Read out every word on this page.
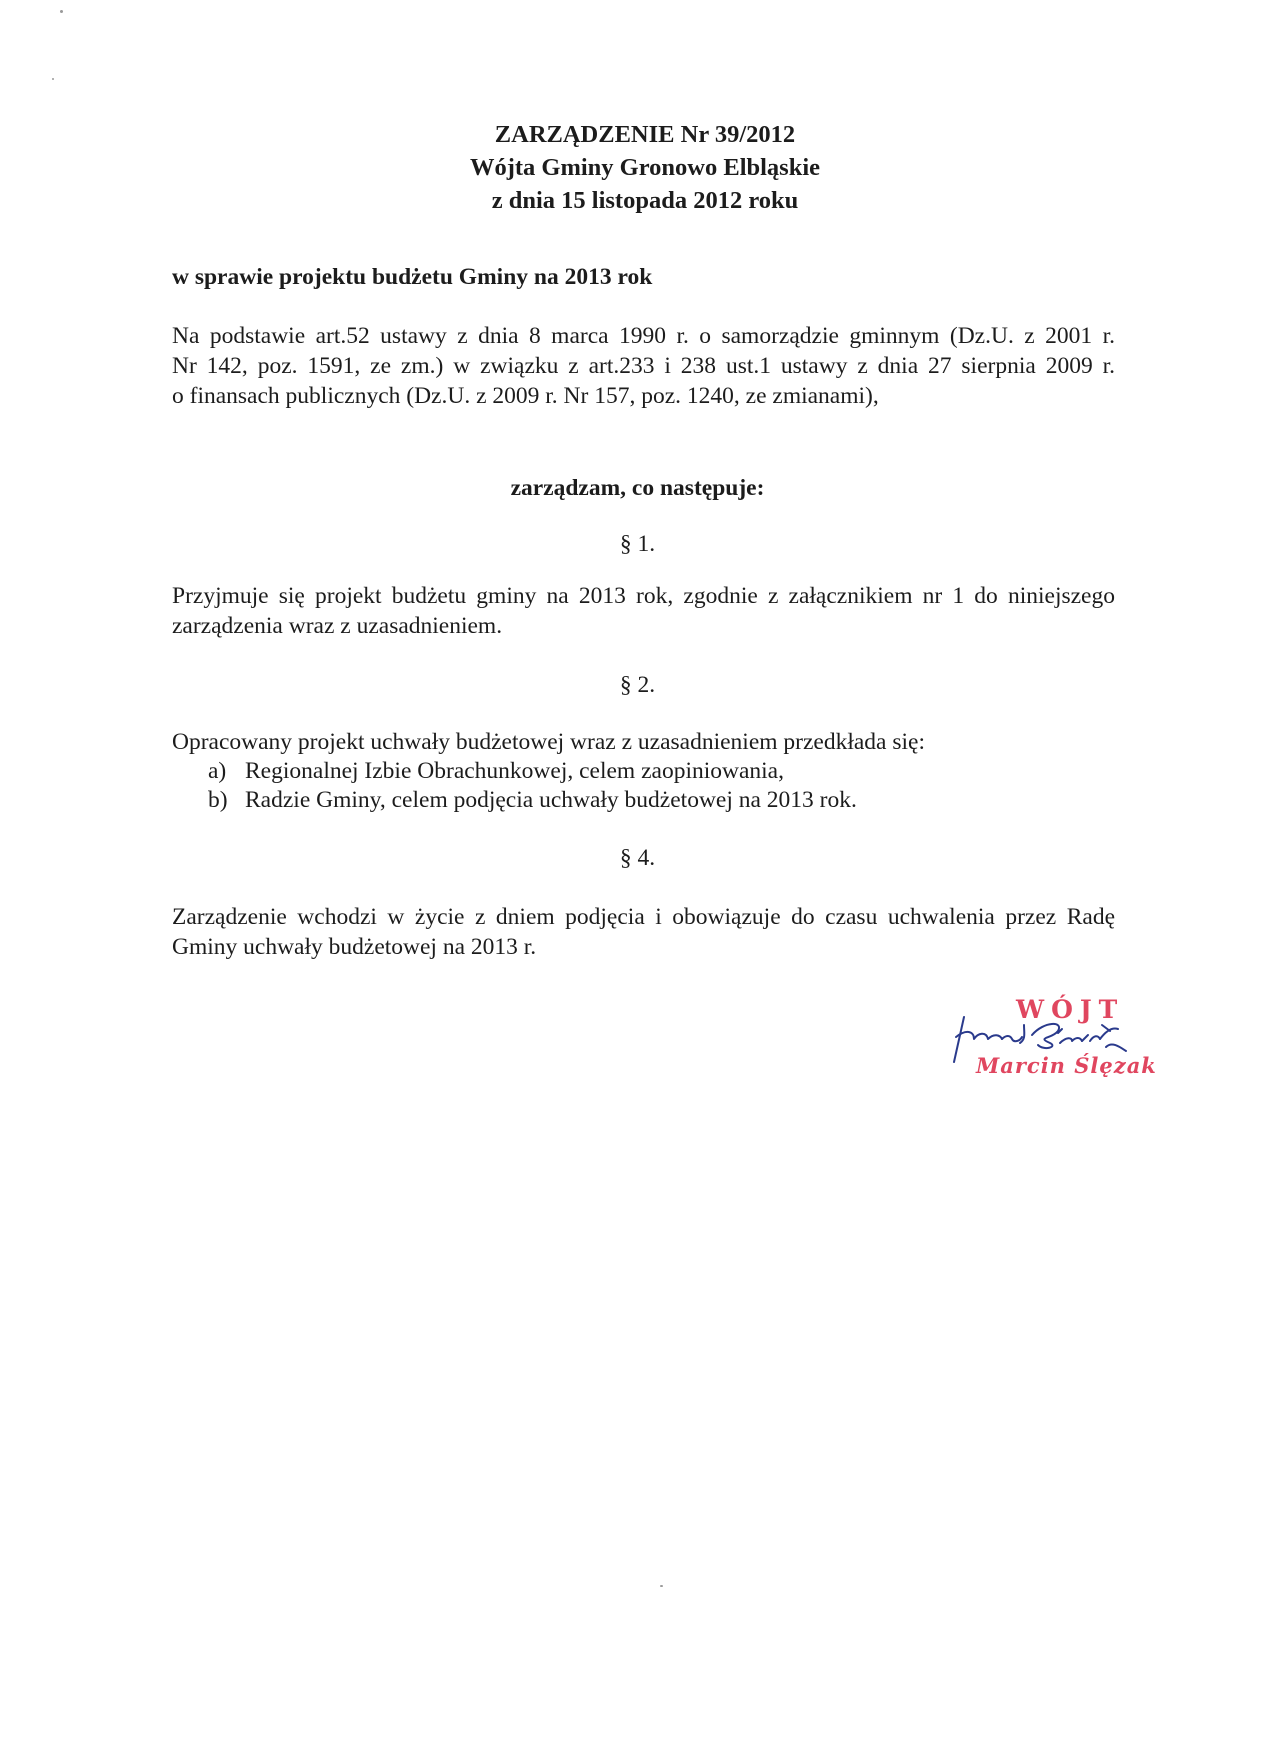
ZARZĄDZENIE Nr 39/2012
Wójta Gminy Gronowo Elbląskie
z dnia 15 listopada 2012 roku
w sprawie projektu budżetu Gminy na 2013 rok
Na podstawie art.52 ustawy z dnia 8 marca 1990 r. o samorządzie gminnym (Dz.U. z 2001 r.
Nr 142, poz. 1591, ze zm.) w związku z art.233 i 238 ust.1 ustawy z dnia 27 sierpnia 2009 r.
o finansach publicznych (Dz.U. z 2009 r. Nr 157, poz. 1240, ze zmianami),
zarządzam, co następuje:
§ 1.
Przyjmuje się projekt budżetu gminy na 2013 rok, zgodnie z załącznikiem nr 1 do niniejszego
zarządzenia wraz z uzasadnieniem.
§ 2.
Opracowany projekt uchwały budżetowej wraz z uzasadnieniem przedkłada się:
a) Regionalnej Izbie Obrachunkowej, celem zaopiniowania,
b) Radzie Gminy, celem podjęcia uchwały budżetowej na 2013 rok.
§ 4.
Zarządzenie wchodzi w życie z dniem podjęcia i obowiązuje do czasu uchwalenia przez Radę
Gminy uchwały budżetowej na 2013 r.
WÓJT
Marcin Ślęzak
